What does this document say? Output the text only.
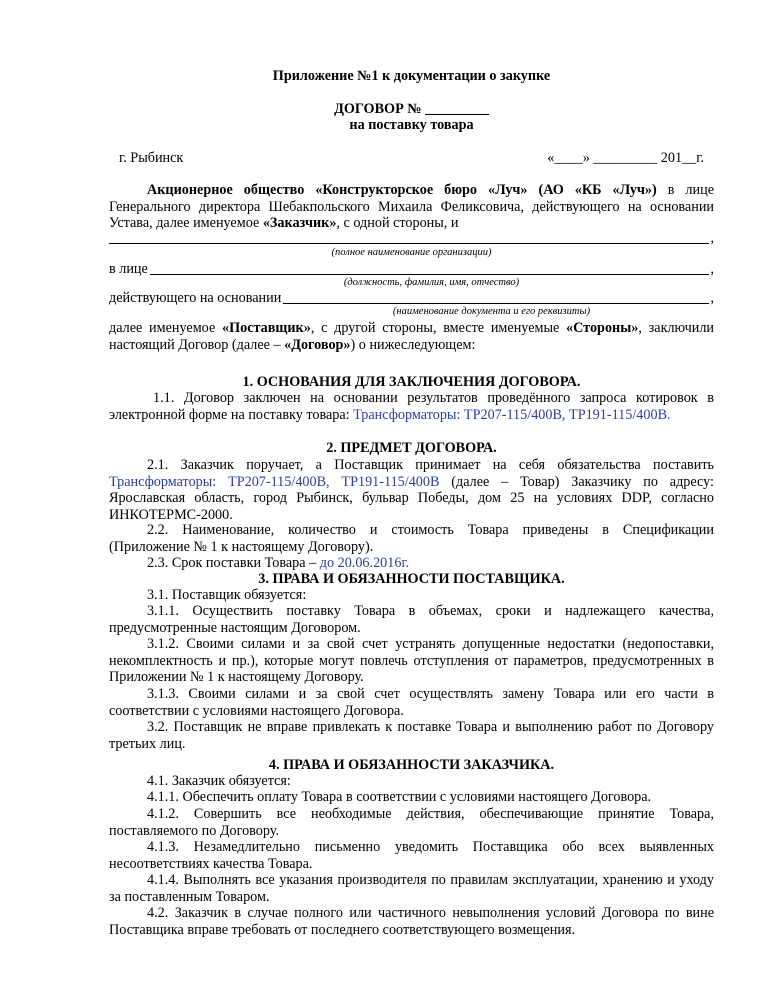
Приложение №1 к документации о закупке
ДОГОВОР № _________
на поставку товара
г. Рыбинск	«____» _________ 201__г.
Акционерное общество «Конструкторское бюро «Луч» (АО «КБ «Луч») в лице Генерального директора Шебакпольского Михаила Феликсовича, действующего на основании Устава, далее именуемое «Заказчик», с одной стороны, и
,
(полное наименование организации)
в лице	,
(должность, фамилия, имя, отчество)
действующего на основании	,
(наименование документа и его реквизиты)
далее именуемое «Поставщик», с другой стороны, вместе именуемые «Стороны», заключили настоящий Договор (далее – «Договор») о нижеследующем:
1. ОСНОВАНИЯ ДЛЯ ЗАКЛЮЧЕНИЯ ДОГОВОРА.
1.1. Договор заключен на основании результатов проведённого запроса котировок в электронной форме на поставку товара: Трансформаторы: ТР207-115/400В, ТР191-115/400В.
2. ПРЕДМЕТ ДОГОВОРА.
2.1. Заказчик поручает, а Поставщик принимает на себя обязательства поставить Трансформаторы: ТР207-115/400В, ТР191-115/400В (далее – Товар) Заказчику по адресу: Ярославская область, город Рыбинск, бульвар Победы, дом 25 на условиях DDP, согласно ИНКОТЕРМС-2000.
2.2. Наименование, количество и стоимость Товара приведены в Спецификации (Приложение № 1 к настоящему Договору).
2.3. Срок поставки Товара – до 20.06.2016г.
3. ПРАВА И ОБЯЗАННОСТИ ПОСТАВЩИКА.
3.1. Поставщик обязуется:
3.1.1. Осуществить поставку Товара в объемах, сроки и надлежащего качества, предусмотренные настоящим Договором.
3.1.2. Своими силами и за свой счет устранять допущенные недостатки (недопоставки, некомплектность и пр.), которые могут повлечь отступления от параметров, предусмотренных в Приложении № 1 к настоящему Договору.
3.1.3. Своими силами и за свой счет осуществлять замену Товара или его части в соответствии с условиями настоящего Договора.
3.2. Поставщик не вправе привлекать к поставке Товара и выполнению работ по Договору третьих лиц.
4. ПРАВА И ОБЯЗАННОСТИ ЗАКАЗЧИКА.
4.1. Заказчик обязуется:
4.1.1. Обеспечить оплату Товара в соответствии с условиями настоящего Договора.
4.1.2. Совершить все необходимые действия, обеспечивающие принятие Товара, поставляемого по Договору.
4.1.3. Незамедлительно письменно уведомить Поставщика обо всех выявленных несоответствиях качества Товара.
4.1.4. Выполнять все указания производителя по правилам эксплуатации, хранению и уходу за поставленным Товаром.
4.2. Заказчик в случае полного или частичного невыполнения условий Договора по вине Поставщика вправе требовать от последнего соответствующего возмещения.
